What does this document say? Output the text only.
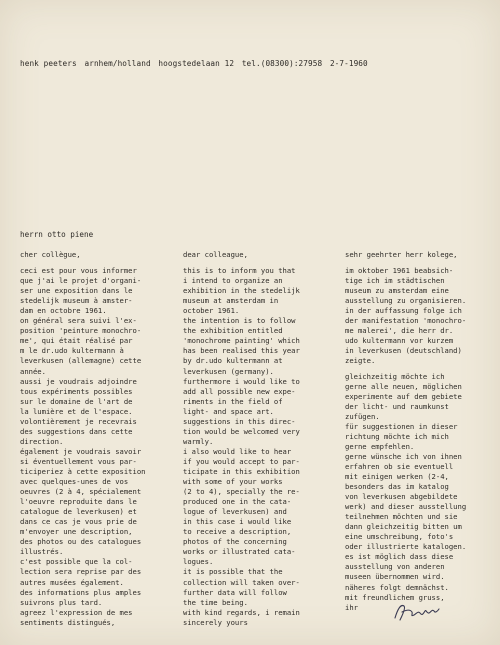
henk peeters arnhem/holland hoogstedelaan 12 tel.(08300):27958 2-7-1960
herrn otto piene
cher collègue,
ceci est pour vous informer
que j'ai le projet d'organi-
ser une exposition dans le
stedelijk museum à amster-
dam en octobre 1961.
on général sera suivi l'ex-
position 'peinture monochro-
me', qui était réalisé par
m le dr.udo kultermann à
leverkusen (allemagne) cette
année.
aussi je voudrais adjoindre
tous expériments possibles
sur le domaine de l'art de
la lumière et de l'espace.
volontièrement je recevrais
des suggestions dans cette
direction.
également je voudrais savoir
si éventuellement vous par-
ticiperiez à cette exposition
avec quelques-unes de vos
oeuvres (2 à 4, spécialement
l'oeuvre reproduite dans le
catalogue de leverkusen) et
dans ce cas je vous prie de
m'envoyer une description,
des photos ou des catalogues
illustrés.
c'est possible que la col-
lection sera reprise par des
autres musées également.
des informations plus amples
suivrons plus tard.
agreez l'expression de mes
sentiments distingués,
dear colleague,
this is to inform you that
i intend to organize an
exhibition in the stedelijk
museum at amsterdam in
october 1961.
the intention is to follow
the exhibition entitled
'monochrome painting' which
has been realised this year
by dr.udo kultermann at
leverkusen (germany).
furthermore i would like to
add all possible new expe-
riments in the field of
light- and space art.
suggestions in this direc-
tion would be welcomed very
warmly.
i also would like to hear
if you would accept to par-
ticipate in this exhibition
with some of your works
(2 to 4), specially the re-
produced one in the cata-
logue of leverkusen) and
in this case i would like
to receive a description,
photos of the concerning
works or illustrated cata-
logues.
it is possible that the
collection will taken over-
further data will follow
the time being.
with kind regards, i remain
sincerely yours
sehr geehrter herr kolege,
im oktober 1961 beabsich-
tige ich im städtischen
museum zu amsterdam eine
ausstellung zu organisieren.
in der auffassung folge ich
der manifestation 'monochro-
me malerei', die herr dr.
udo kultermann vor kurzem
in leverkusen (deutschland)
zeigte.
gleichzeitig möchte ich
gerne alle neuen, möglichen
experimente auf dem gebiete
der licht- und raumkunst
zufügen.
für suggestionen in dieser
richtung möchte ich mich
gerne empfehlen.
gerne wünsche ich von ihnen
erfahren ob sie eventuell
mit einigen werken (2-4,
besonders das im katalog
von leverkusen abgebildete
werk) and dieser ausstellung
teilnehmen möchten und sie
dann gleichzeitig bitten um
eine umschreibung, foto's
oder illustrierte katalogen.
es ist möglich dass diese
ausstellung von anderen
museen übernommen wird.
näheres folgt demnächst.
mit freundlichem gruss,
ihr
